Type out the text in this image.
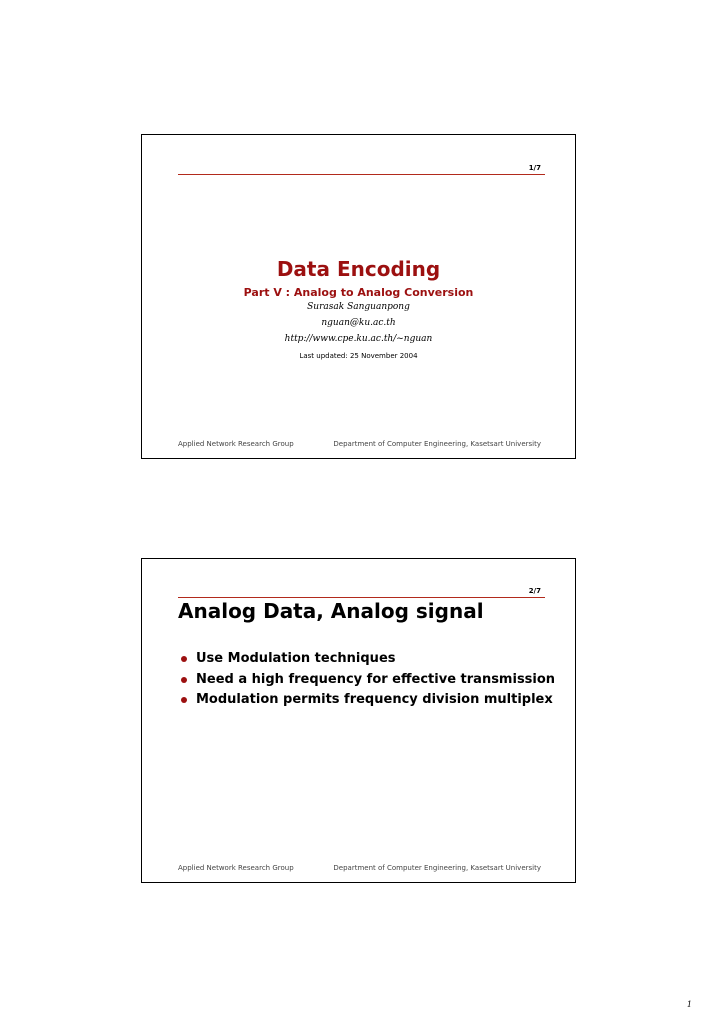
1/7
Data Encoding
Part V : Analog to Analog Conversion
Surasak Sanguanpong
nguan@ku.ac.th
http://www.cpe.ku.ac.th/~nguan
Last updated: 25 November 2004
Applied Network Research Group	Department of Computer Engineering, Kasetsart University
2/7
Analog Data, Analog signal
Use Modulation techniques
Need a high frequency for effective transmission
Modulation permits frequency division multiplex
Applied Network Research Group	Department of Computer Engineering, Kasetsart University
1
